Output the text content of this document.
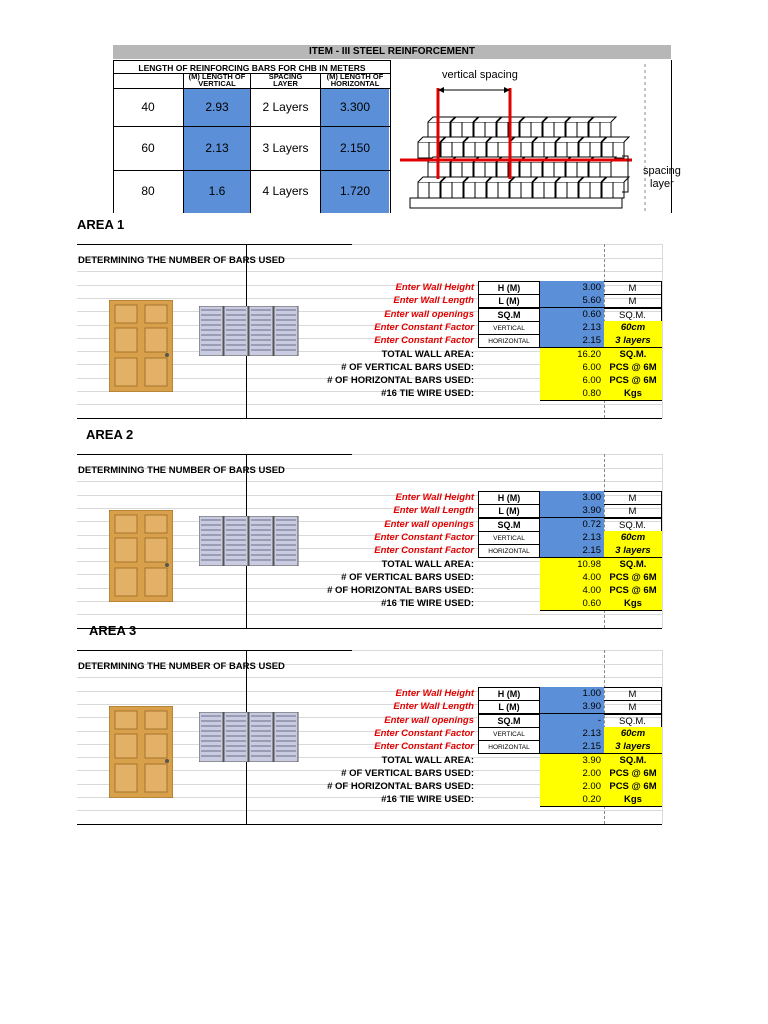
ITEM - III STEEL REINFORCEMENT
LENGTH OF REINFORCING BARS FOR CHB IN METERS
(M) LENGTH OF
VERTICAL
SPACING
LAYER
(M) LENGTH OF
HORIZONTAL
40	2.93	2 Layers	3.300
60	2.13	3 Layers	2.150
80	1.6	4 Layers	1.720
vertical spacing
spacing
layer
AREA 1
DETERMINING THE NUMBER OF BARS USED
Enter Wall Height	H (M)	3.00	M
Enter Wall Length	L (M)	5.60	M
Enter wall openings	SQ.M	0.60	SQ.M.
Enter Constant Factor	VERTICAL	2.13	60cm
Enter Constant Factor	HORIZONTAL	2.15	3 layers
TOTAL WALL AREA:	16.20	SQ.M.
# OF VERTICAL BARS USED:	6.00 PCS @ 6M
# OF HORIZONTAL BARS USED:	6.00 PCS @ 6M
#16 TIE WIRE USED:	0.80	Kgs
AREA 2
DETERMINING THE NUMBER OF BARS USED
Enter Wall Height	H (M)	3.00	M
Enter Wall Length	L (M)	3.90	M
Enter wall openings	SQ.M	0.72	SQ.M.
Enter Constant Factor	VERTICAL	2.13	60cm
Enter Constant Factor	HORIZONTAL	2.15	3 layers
TOTAL WALL AREA:	10.98	SQ.M.
# OF VERTICAL BARS USED:	4.00 PCS @ 6M
# OF HORIZONTAL BARS USED:	4.00 PCS @ 6M
#16 TIE WIRE USED:	0.60	Kgs
AREA 3
DETERMINING THE NUMBER OF BARS USED
Enter Wall Height	H (M)	1.00	M
Enter Wall Length	L (M)	3.90	M
Enter wall openings	SQ.M	-	SQ.M.
Enter Constant Factor	VERTICAL	2.13	60cm
Enter Constant Factor	HORIZONTAL	2.15	3 layers
TOTAL WALL AREA:	3.90	SQ.M.
# OF VERTICAL BARS USED:	2.00 PCS @ 6M
# OF HORIZONTAL BARS USED:	2.00 PCS @ 6M
#16 TIE WIRE USED:	0.20	Kgs
